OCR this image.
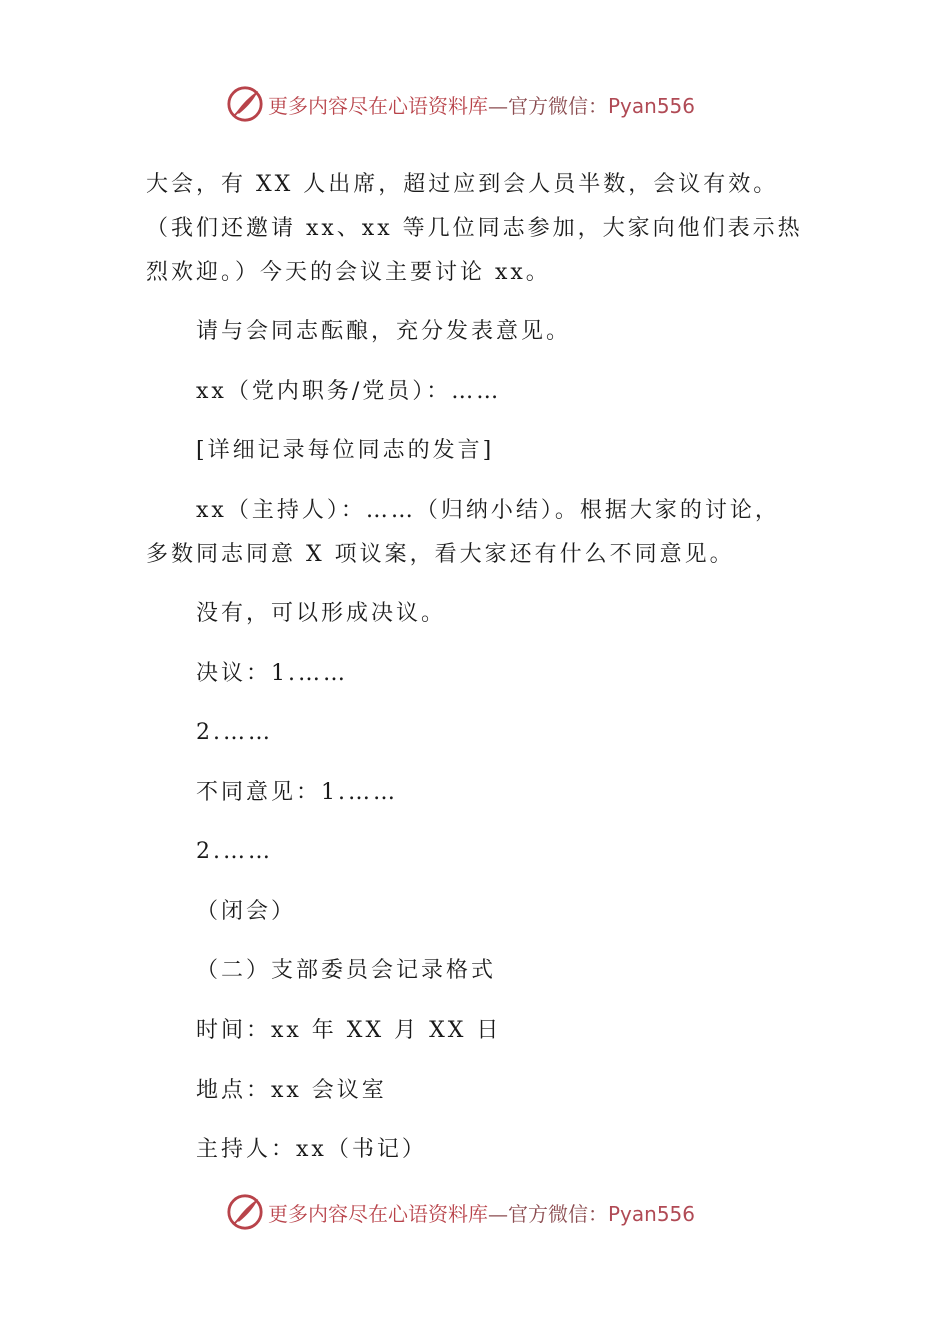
更多内容尽在心语资料库—官方微信：Pyan556
大会，有 XX 人出席，超过应到会人员半数，会议有效。
（我们还邀请 xx、xx 等几位同志参加，大家向他们表示热
烈欢迎。）今天的会议主要讨论 xx。
请与会同志酝酿，充分发表意见。
xx（党内职务/党员）：……
[详细记录每位同志的发言]
xx（主持人）：……（归纳小结）。根据大家的讨论，
多数同志同意 X 项议案，看大家还有什么不同意见。
没有，可以形成决议。
决议：1.……
2.……
不同意见：1.……
2.……
（闭会）
（二）支部委员会记录格式
时间：xx 年 XX 月 XX 日
地点：xx 会议室
主持人：xx（书记）
更多内容尽在心语资料库—官方微信：Pyan556
